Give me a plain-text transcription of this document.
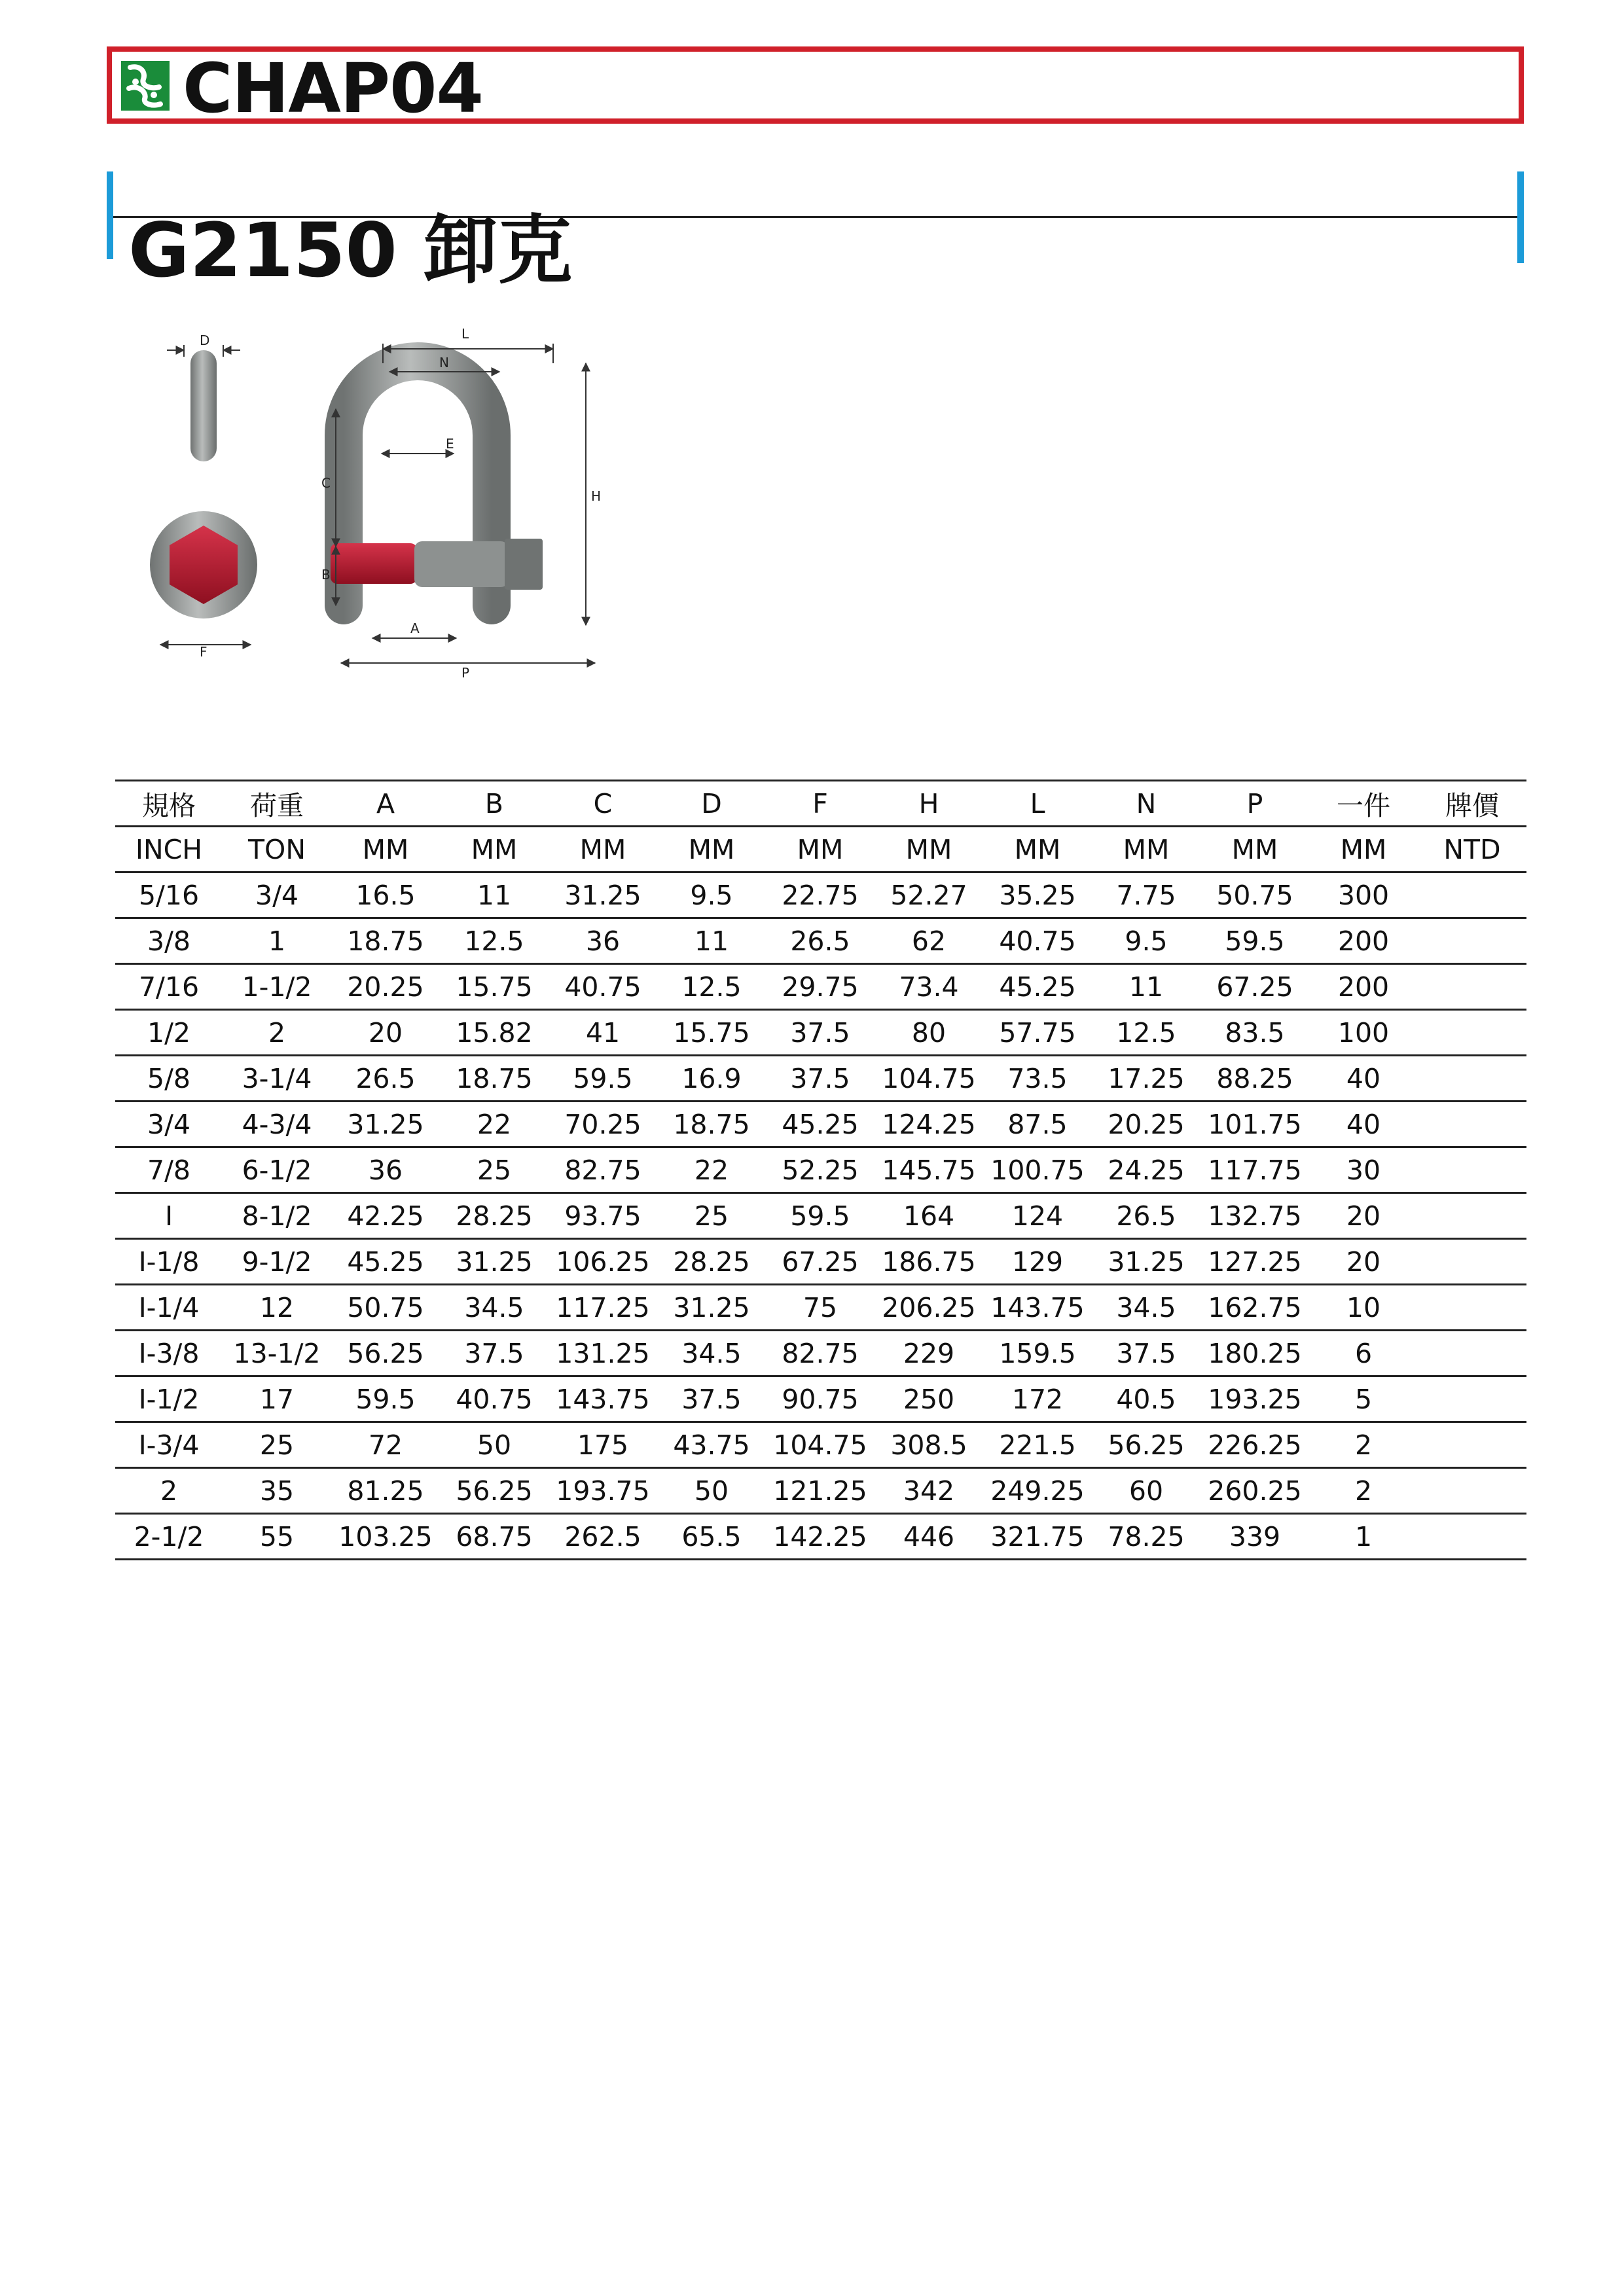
CHAP04
G2150 卸克
D
F
L
N
E
C
H
B
A
P
規格	荷重	A	B	C	D	F	H	L	N	P	一件	牌價
INCH	TON	MM	MM	MM	MM	MM	MM	MM	MM	MM	MM	NTD
5/16	3/4	16.5	11	31.25	9.5	22.75	52.27	35.25	7.75	50.75	300	
3/8	1	18.75	12.5	36	11	26.5	62	40.75	9.5	59.5	200	
7/16	1-1/2	20.25	15.75	40.75	12.5	29.75	73.4	45.25	11	67.25	200	
1/2	2	20	15.82	41	15.75	37.5	80	57.75	12.5	83.5	100	
5/8	3-1/4	26.5	18.75	59.5	16.9	37.5	104.75	73.5	17.25	88.25	40	
3/4	4-3/4	31.25	22	70.25	18.75	45.25	124.25	87.5	20.25	101.75	40	
7/8	6-1/2	36	25	82.75	22	52.25	145.75	100.75	24.25	117.75	30	
I	8-1/2	42.25	28.25	93.75	25	59.5	164	124	26.5	132.75	20	
I-1/8	9-1/2	45.25	31.25	106.25	28.25	67.25	186.75	129	31.25	127.25	20	
I-1/4	12	50.75	34.5	117.25	31.25	75	206.25	143.75	34.5	162.75	10	
I-3/8	13-1/2	56.25	37.5	131.25	34.5	82.75	229	159.5	37.5	180.25	6	
I-1/2	17	59.5	40.75	143.75	37.5	90.75	250	172	40.5	193.25	5	
I-3/4	25	72	50	175	43.75	104.75	308.5	221.5	56.25	226.25	2	
2	35	81.25	56.25	193.75	50	121.25	342	249.25	60	260.25	2	
2-1/2	55	103.25	68.75	262.5	65.5	142.25	446	321.75	78.25	339	1	
